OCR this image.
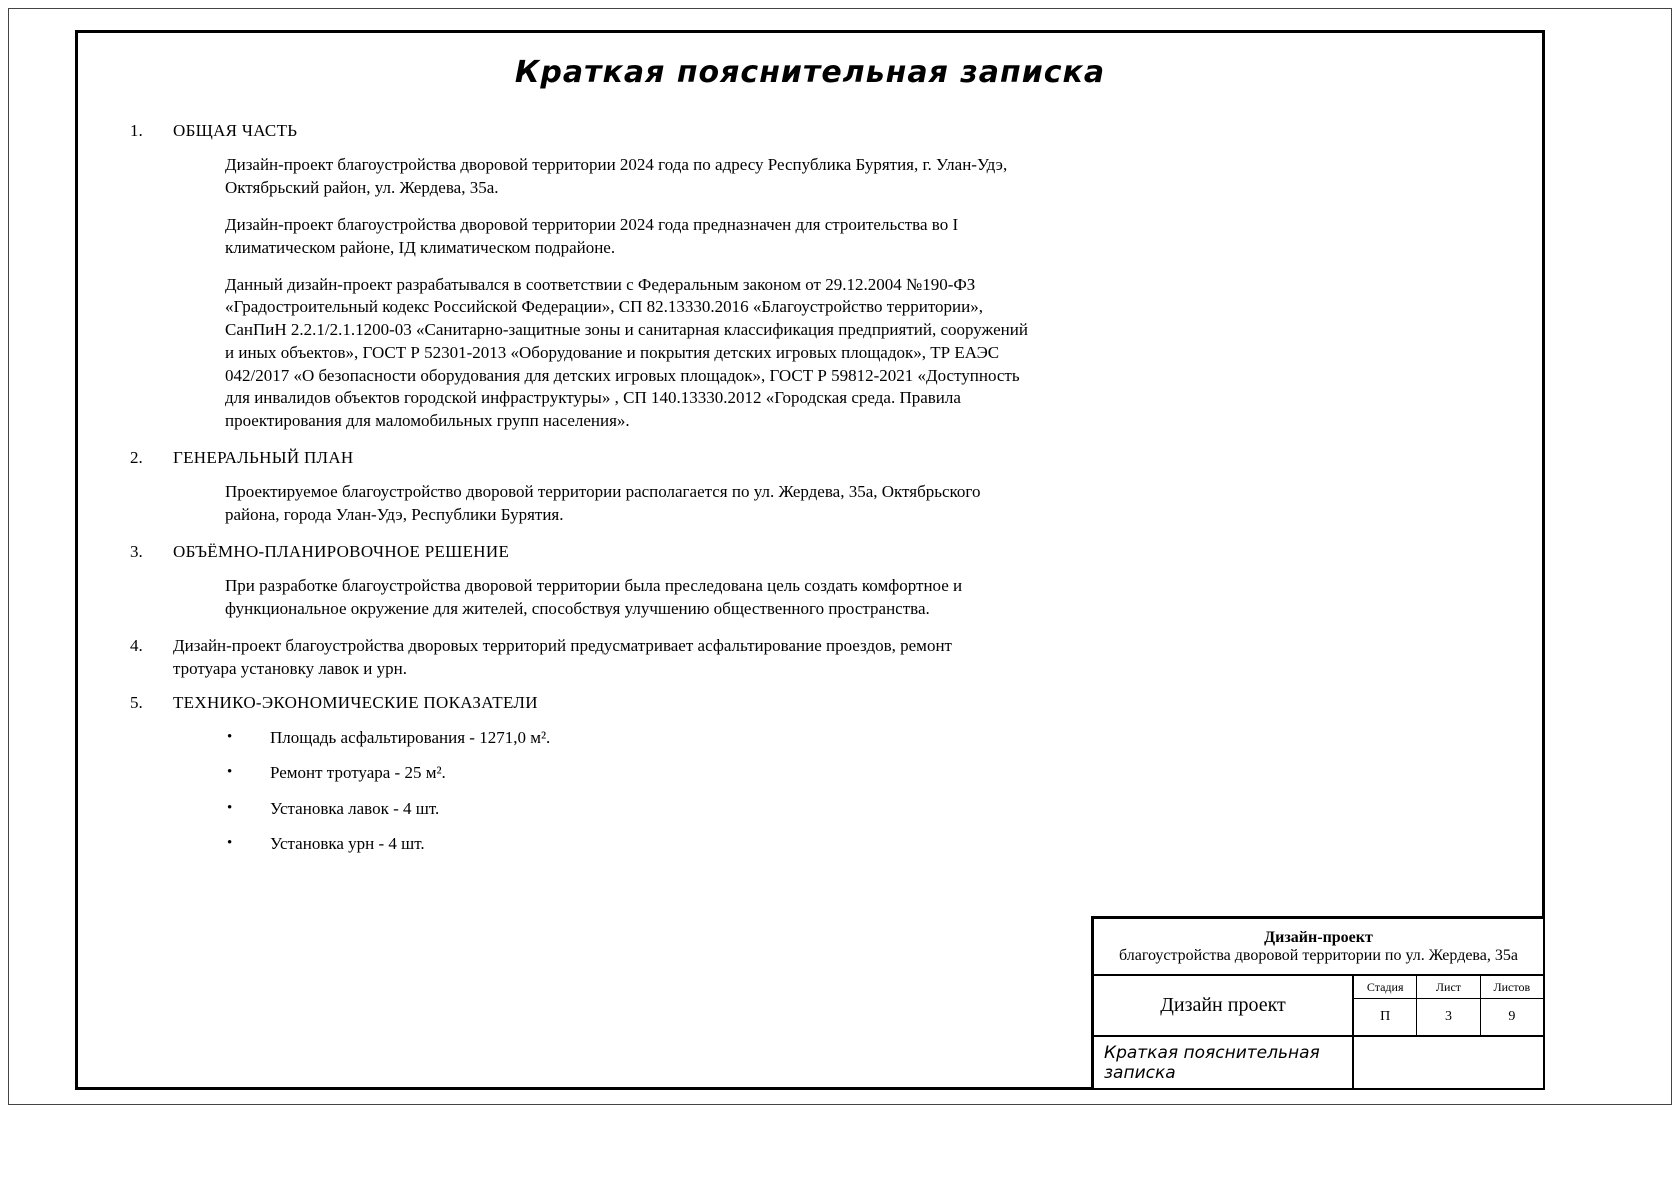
Краткая пояснительная записка
1.	ОБЩАЯ ЧАСТЬ

Дизайн-проект благоустройства дворовой территории 2024 года по адресу Республика Бурятия, г. Улан-Удэ, Октябрьский район, ул. Жердева, 35а.

Дизайн-проект благоустройства дворовой территории 2024 года предназначен для строительства во I климатическом районе, IД климатическом подрайоне.

Данный дизайн-проект разрабатывался в соответствии с Федеральным законом от 29.12.2004 №190-ФЗ «Градостроительный кодекс Российской Федерации», СП 82.13330.2016 «Благоустройство территории», СанПиН 2.2.1/2.1.1200-03 «Санитарно-защитные зоны и санитарная классификация предприятий, сооружений и иных объектов», ГОСТ Р 52301-2013 «Оборудование и покрытия детских игровых площадок», ТР ЕАЭС 042/2017 «О безопасности оборудования для детских игровых площадок», ГОСТ Р 59812-2021 «Доступность для инвалидов объектов городской инфраструктуры» , СП 140.13330.2012 «Городская среда. Правила проектирования для маломобильных групп населения».

2.	ГЕНЕРАЛЬНЫЙ ПЛАН

Проектируемое благоустройство дворовой территории располагается по ул. Жердева, 35а, Октябрьского района, города Улан-Удэ, Республики Бурятия.

3.	ОБЪЁМНО-ПЛАНИРОВОЧНОЕ РЕШЕНИЕ

При разработке благоустройства дворовой территории была преследована цель создать комфортное и функциональное окружение для жителей, способствуя улучшению общественного пространства.

4.	Дизайн-проект благоустройства дворовых территорий предусматривает асфальтирование проездов, ремонт тротуара установку лавок и урн.

5.	ТЕХНИКО-ЭКОНОМИЧЕСКИЕ ПОКАЗАТЕЛИ
•	Площадь асфальтирования - 1271,0 м².
•	Ремонт тротуара - 25 м².
•	Установка лавок - 4 шт.
•	Установка урн - 4 шт.
Дизайн-проект
благоустройства дворовой территории по ул. Жердева, 35а
Дизайн проект
Стадия	Лист	Листов
П	3	9
Краткая пояснительная записка
